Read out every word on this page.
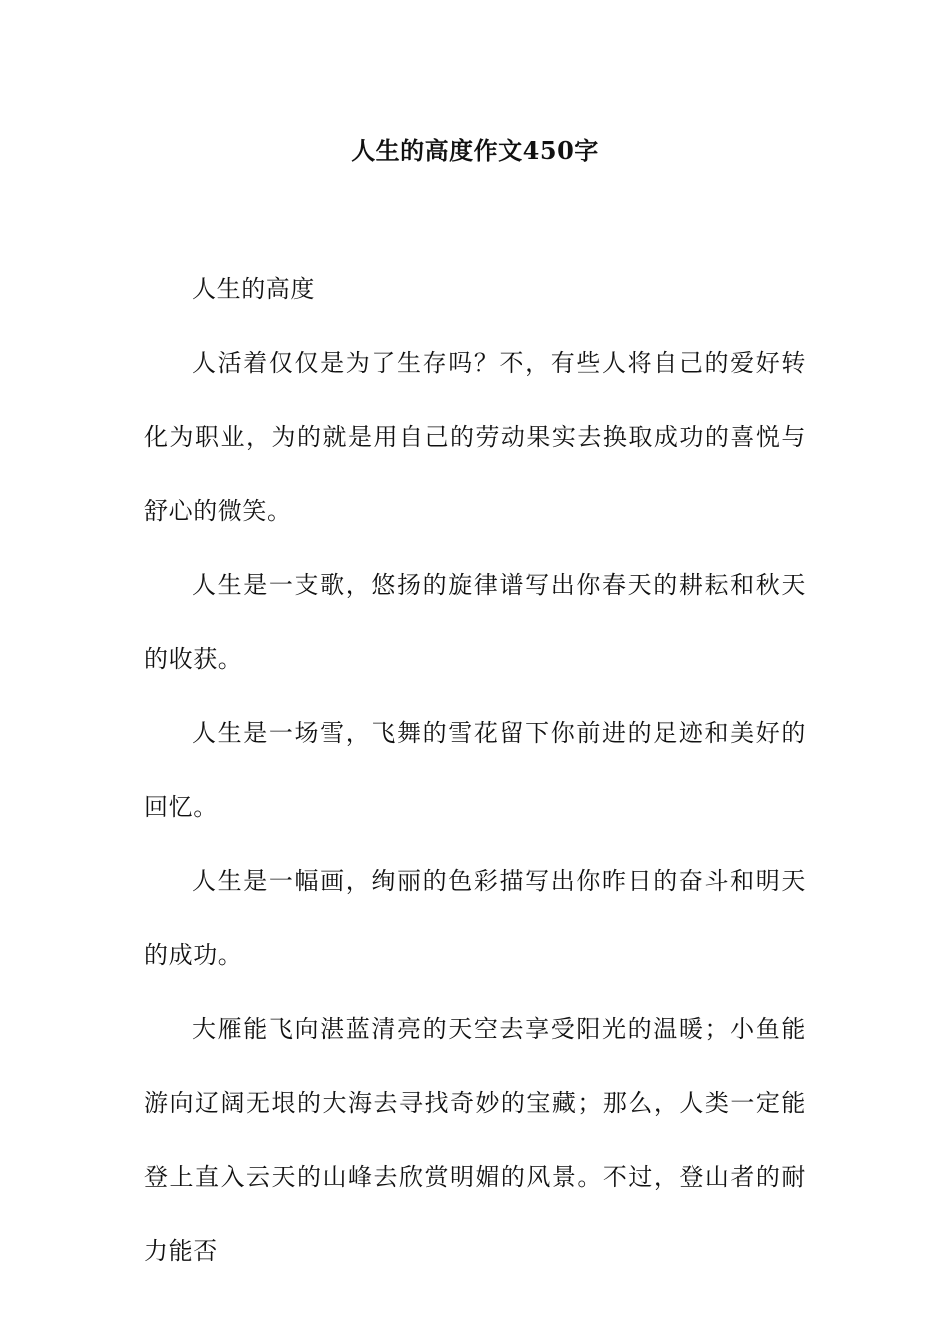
人生的高度作文450字

人生的高度

人活着仅仅是为了生存吗？不，有些人将自己的爱好转化为职业，为的就是用自己的劳动果实去换取成功的喜悦与舒心的微笑。

人生是一支歌，悠扬的旋律谱写出你春天的耕耘和秋天的收获。

人生是一场雪，飞舞的雪花留下你前进的足迹和美好的回忆。

人生是一幅画，绚丽的色彩描写出你昨日的奋斗和明天的成功。

大雁能飞向湛蓝清亮的天空去享受阳光的温暖；小鱼能游向辽阔无垠的大海去寻找奇妙的宝藏；那么，人类一定能登上直入云天的山峰去欣赏明媚的风景。不过，登山者的耐力能否
